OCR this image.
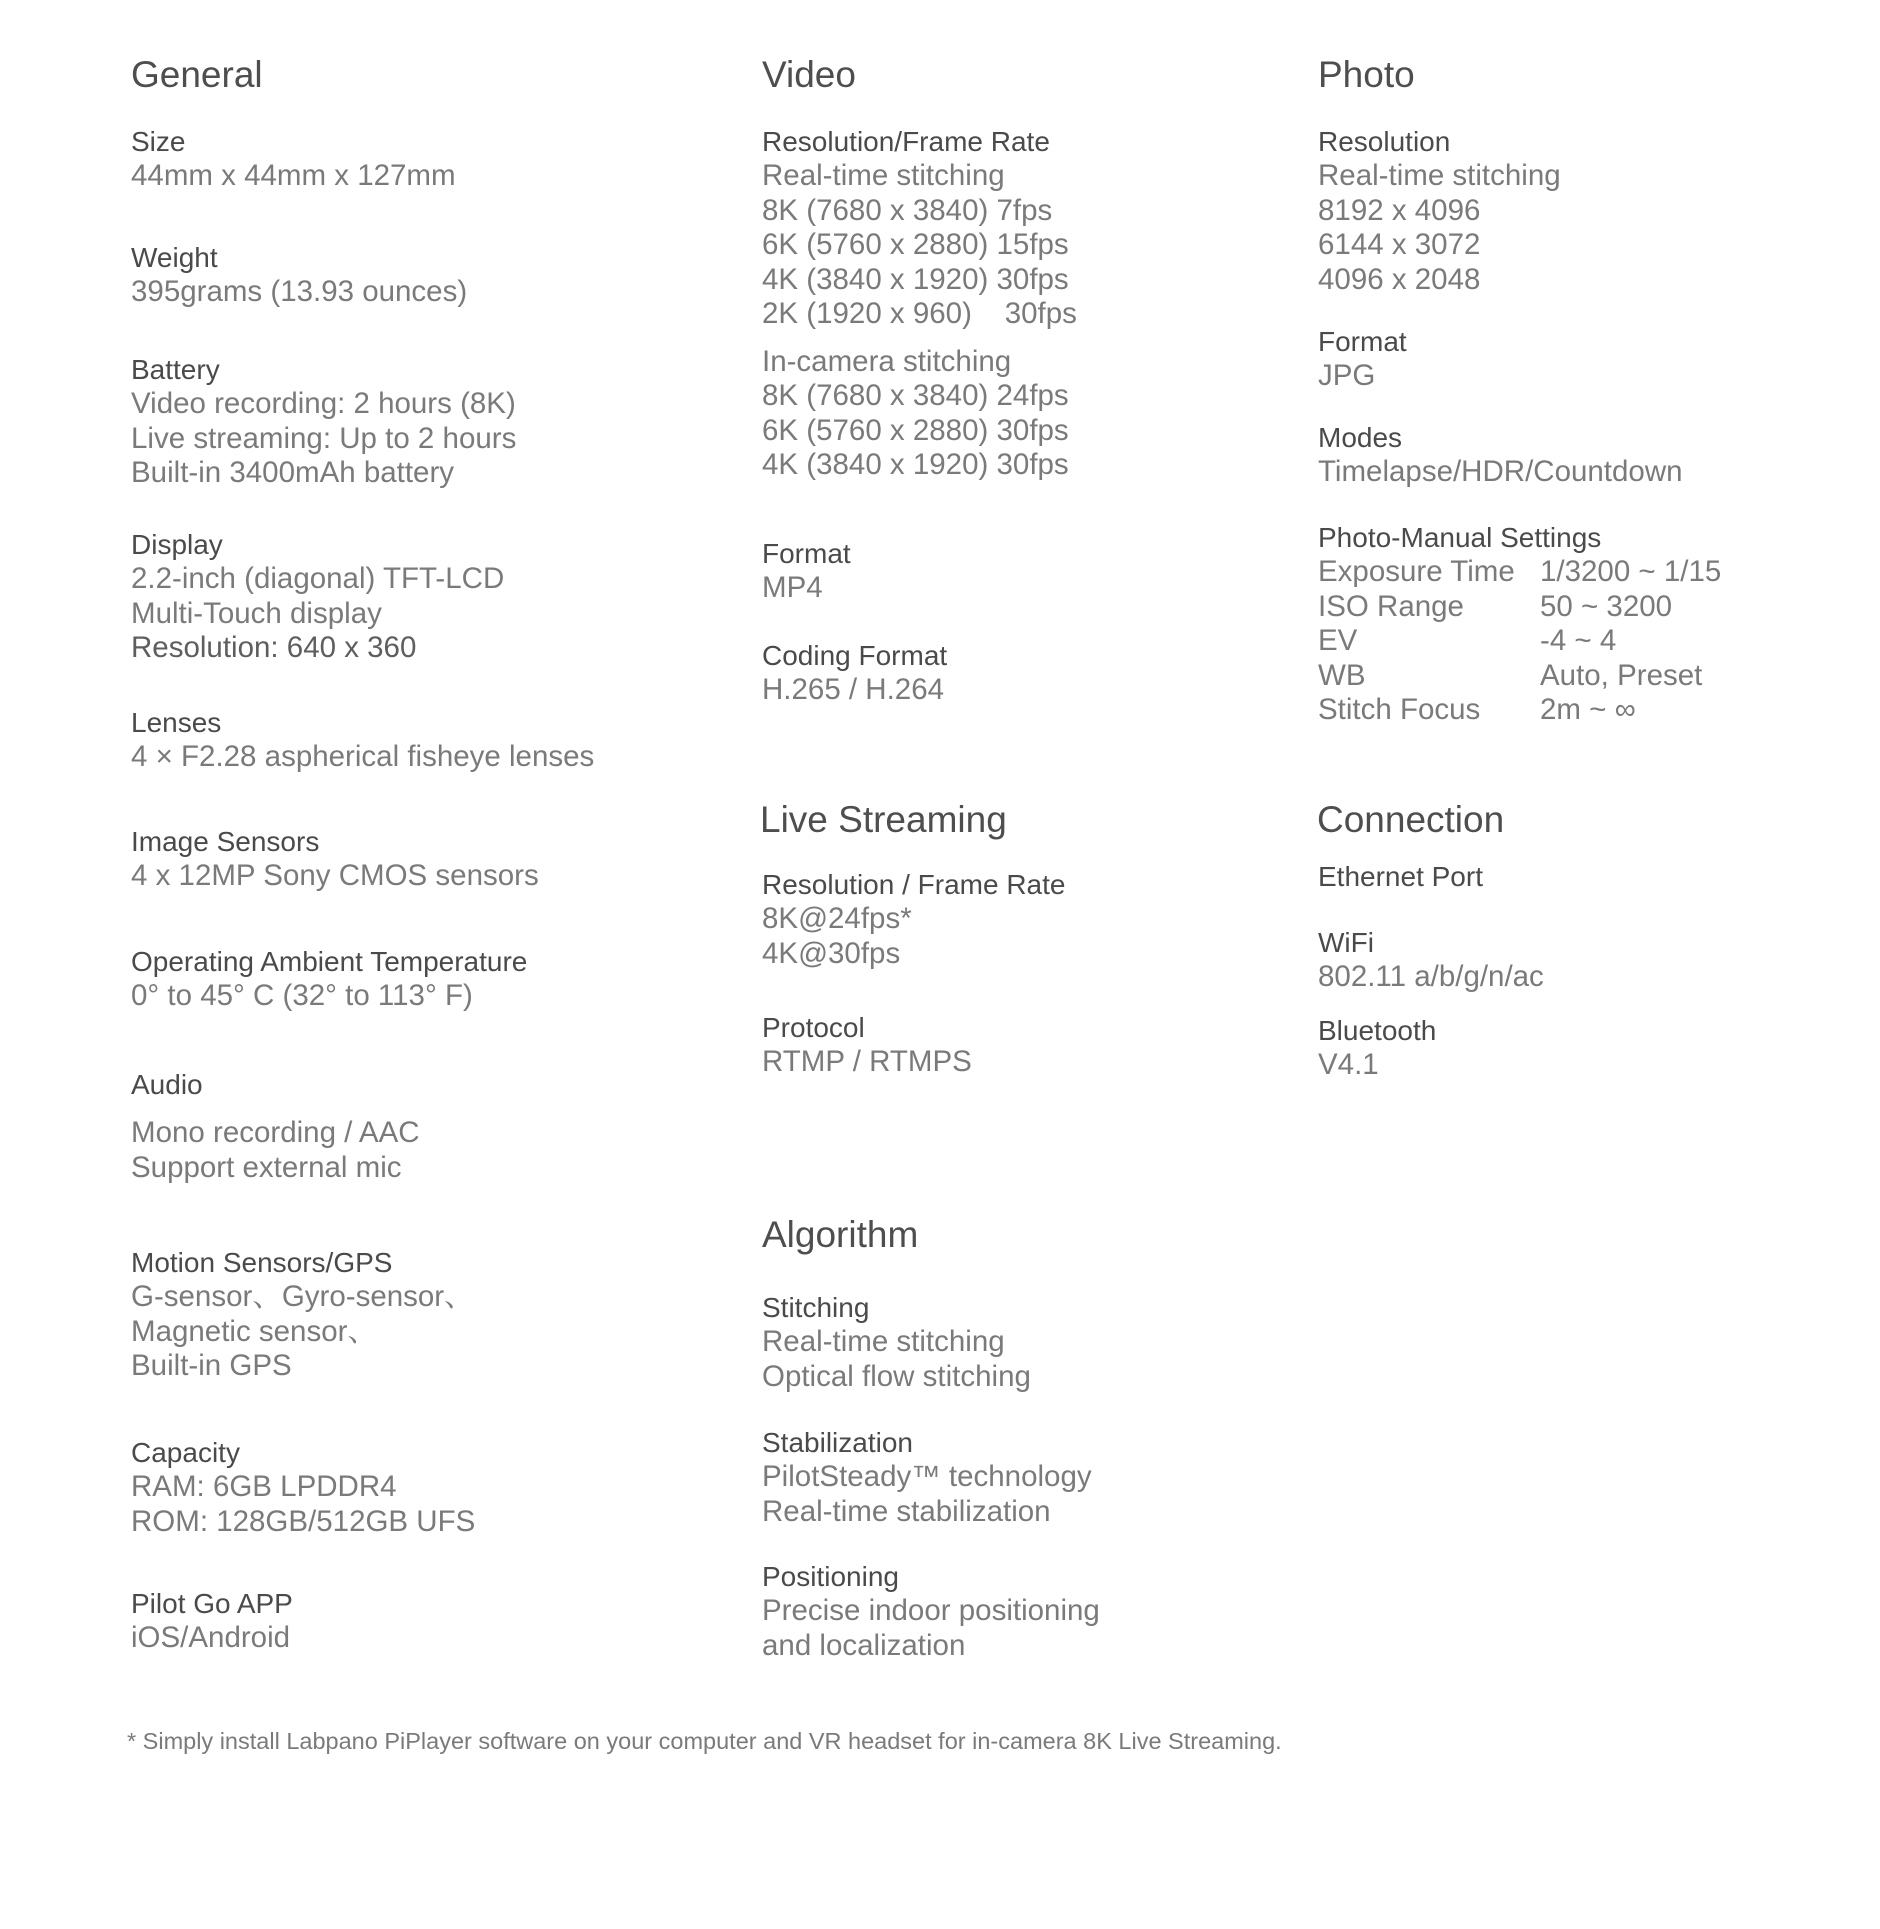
General
Size
44mm x 44mm x 127mm
Weight
395grams (13.93 ounces)
Battery
Video recording: 2 hours (8K)
Live streaming: Up to 2 hours
Built-in 3400mAh battery
Display
2.2-inch (diagonal) TFT-LCD
Multi-Touch display
Resolution: 640 x 360
Lenses
4 × F2.28 aspherical fisheye lenses
Image Sensors
4 x 12MP Sony CMOS sensors
Operating Ambient Temperature
0° to 45° C (32° to 113° F)
Audio
Mono recording / AAC
Support external mic
Motion Sensors/GPS
G-sensor、Gyro-sensor、
Magnetic sensor、
Built-in GPS
Capacity
RAM: 6GB LPDDR4
ROM: 128GB/512GB UFS
Pilot Go APP
iOS/Android
Video
Resolution/Frame Rate
Real-time stitching
8K (7680 x 3840) 7fps
6K (5760 x 2880) 15fps
4K (3840 x 1920) 30fps
2K (1920 x 960)    30fps
In-camera stitching
8K (7680 x 3840) 24fps
6K (5760 x 2880) 30fps
4K (3840 x 1920) 30fps
Format
MP4
Coding Format
H.265 / H.264
Live Streaming
Resolution / Frame Rate
8K@24fps*
4K@30fps
Protocol
RTMP / RTMPS
Algorithm
Stitching
Real-time stitching
Optical flow stitching
Stabilization
PilotSteady™ technology
Real-time stabilization
Positioning
Precise indoor positioning
and localization
Photo
Resolution
Real-time stitching
8192 x 4096
6144 x 3072
4096 x 2048
Format
JPG
Modes
Timelapse/HDR/Countdown
Photo-Manual Settings
Exposure Time 1/3200 ~ 1/15
ISO Range	50 ~ 3200
EV	-4 ~ 4
WB	Auto, Preset
Stitch Focus	2m ~ ∞
Connection
Ethernet Port
WiFi
802.11 a/b/g/n/ac
Bluetooth
V4.1
* Simply install Labpano PiPlayer software on your computer and VR headset for in-camera 8K Live Streaming.
